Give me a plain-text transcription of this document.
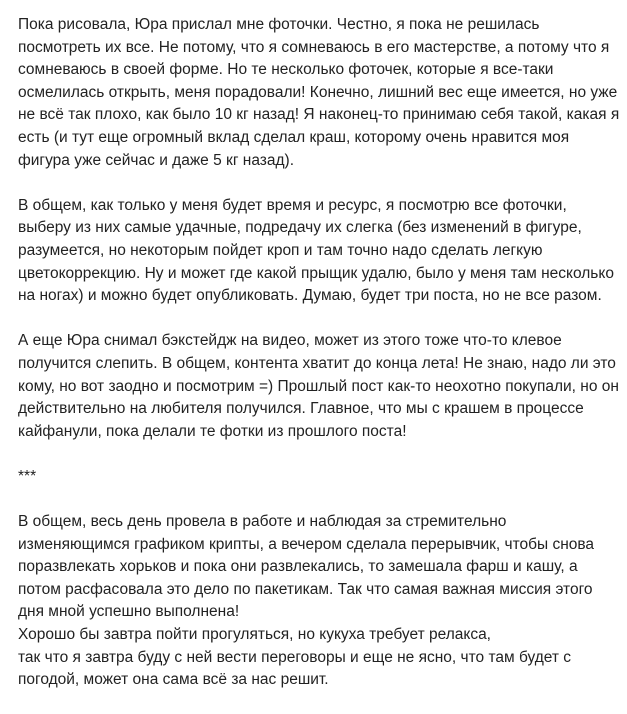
Пока рисовала, Юра прислал мне фоточки. Честно, я пока не решилась
посмотреть их все. Не потому, что я сомневаюсь в его мастерстве, а потому что я
сомневаюсь в своей форме. Но те несколько фоточек, которые я все-таки
осмелилась открыть, меня порадовали! Конечно, лишний вес еще имеется, но уже
не всё так плохо, как было 10 кг назад! Я наконец-то принимаю себя такой, какая я
есть (и тут еще огромный вклад сделал краш, которому очень нравится моя
фигура уже сейчас и даже 5 кг назад).
В общем, как только у меня будет время и ресурс, я посмотрю все фоточки,
выберу из них самые удачные, подредачу их слегка (без изменений в фигуре,
разумеется, но некоторым пойдет кроп и там точно надо сделать легкую
цветокоррекцию. Ну и может где какой прыщик удалю, было у меня там несколько
на ногах) и можно будет опубликовать. Думаю, будет три поста, но не все разом.
А еще Юра снимал бэкстейдж на видео, может из этого тоже что-то клевое
получится слепить. В общем, контента хватит до конца лета! Не знаю, надо ли это
кому, но вот заодно и посмотрим =) Прошлый пост как-то неохотно покупали, но он
действительно на любителя получился. Главное, что мы с крашем в процессе
кайфанули, пока делали те фотки из прошлого поста!
***
В общем, весь день провела в работе и наблюдая за стремительно
изменяющимся графиком крипты, а вечером сделала перерывчик, чтобы снова
поразвлекать хорьков и пока они развлекались, то замешала фарш и кашу, а
потом расфасовала это дело по пакетикам. Так что самая важная миссия этого
дня мной успешно выполнена!
Хорошо бы завтра пойти прогуляться, но кукуха требует релакса,
так что я завтра буду с ней вести переговоры и еще не ясно, что там будет с
погодой, может она сама всё за нас решит.
